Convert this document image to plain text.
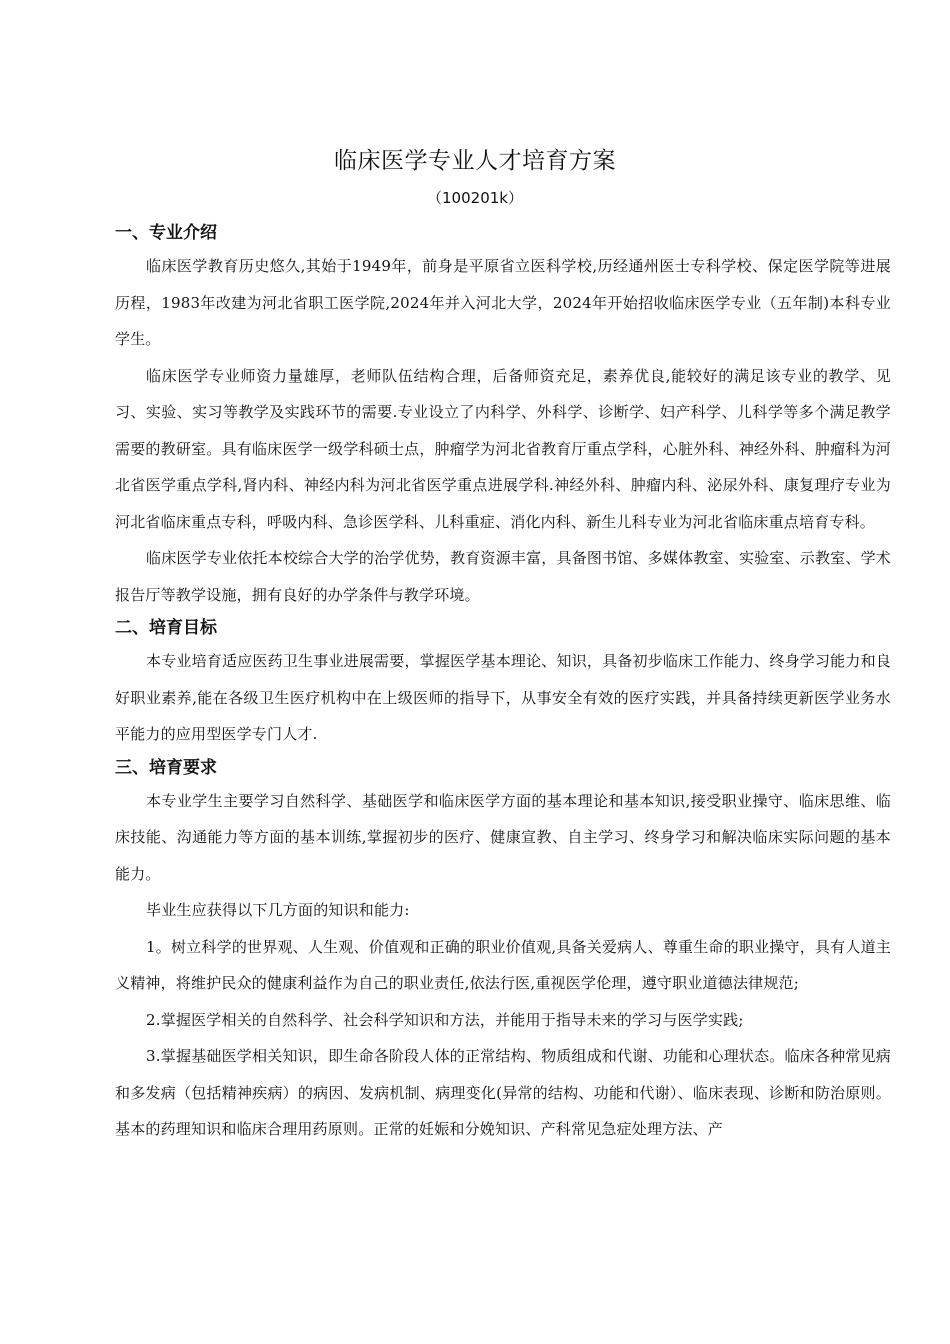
临床医学专业人才培育方案
（100201k）
一、专业介绍

临床医学教育历史悠久,其始于1949年，前身是平原省立医科学校,历经通州医士专科学校、保定医学院等进展历程，1983年改建为河北省职工医学院,2024年并入河北大学，2024年开始招收临床医学专业（五年制)本科专业学生。

临床医学专业师资力量雄厚，老师队伍结构合理，后备师资充足，素养优良,能较好的满足该专业的教学、见习、实验、实习等教学及实践环节的需要.专业设立了内科学、外科学、诊断学、妇产科学、儿科学等多个满足教学需要的教研室。具有临床医学一级学科硕士点，肿瘤学为河北省教育厅重点学科，心脏外科、神经外科、肿瘤科为河北省医学重点学科,肾内科、神经内科为河北省医学重点进展学科.神经外科、肿瘤内科、泌尿外科、康复理疗专业为河北省临床重点专科，呼吸内科、急诊医学科、儿科重症、消化内科、新生儿科专业为河北省临床重点培育专科。

临床医学专业依托本校综合大学的治学优势，教育资源丰富，具备图书馆、多媒体教室、实验室、示教室、学术报告厅等教学设施，拥有良好的办学条件与教学环境。

二、培育目标

本专业培育适应医药卫生事业进展需要，掌握医学基本理论、知识，具备初步临床工作能力、终身学习能力和良好职业素养,能在各级卫生医疗机构中在上级医师的指导下，从事安全有效的医疗实践，并具备持续更新医学业务水平能力的应用型医学专门人才.

三、培育要求

本专业学生主要学习自然科学、基础医学和临床医学方面的基本理论和基本知识,接受职业操守、临床思维、临床技能、沟通能力等方面的基本训练,掌握初步的医疗、健康宣教、自主学习、终身学习和解决临床实际问题的基本能力。

毕业生应获得以下几方面的知识和能力:

1。树立科学的世界观、人生观、价值观和正确的职业价值观,具备关爱病人、尊重生命的职业操守，具有人道主义精神，将维护民众的健康利益作为自己的职业责任,依法行医,重视医学伦理，遵守职业道德法律规范;

2.掌握医学相关的自然科学、社会科学知识和方法，并能用于指导未来的学习与医学实践;

3.掌握基础医学相关知识，即生命各阶段人体的正常结构、物质组成和代谢、功能和心理状态。临床各种常见病和多发病（包括精神疾病）的病因、发病机制、病理变化(异常的结构、功能和代谢）、临床表现、诊断和防治原则。基本的药理知识和临床合理用药原则。正常的妊娠和分娩知识、产科常见急症处理方法、产
